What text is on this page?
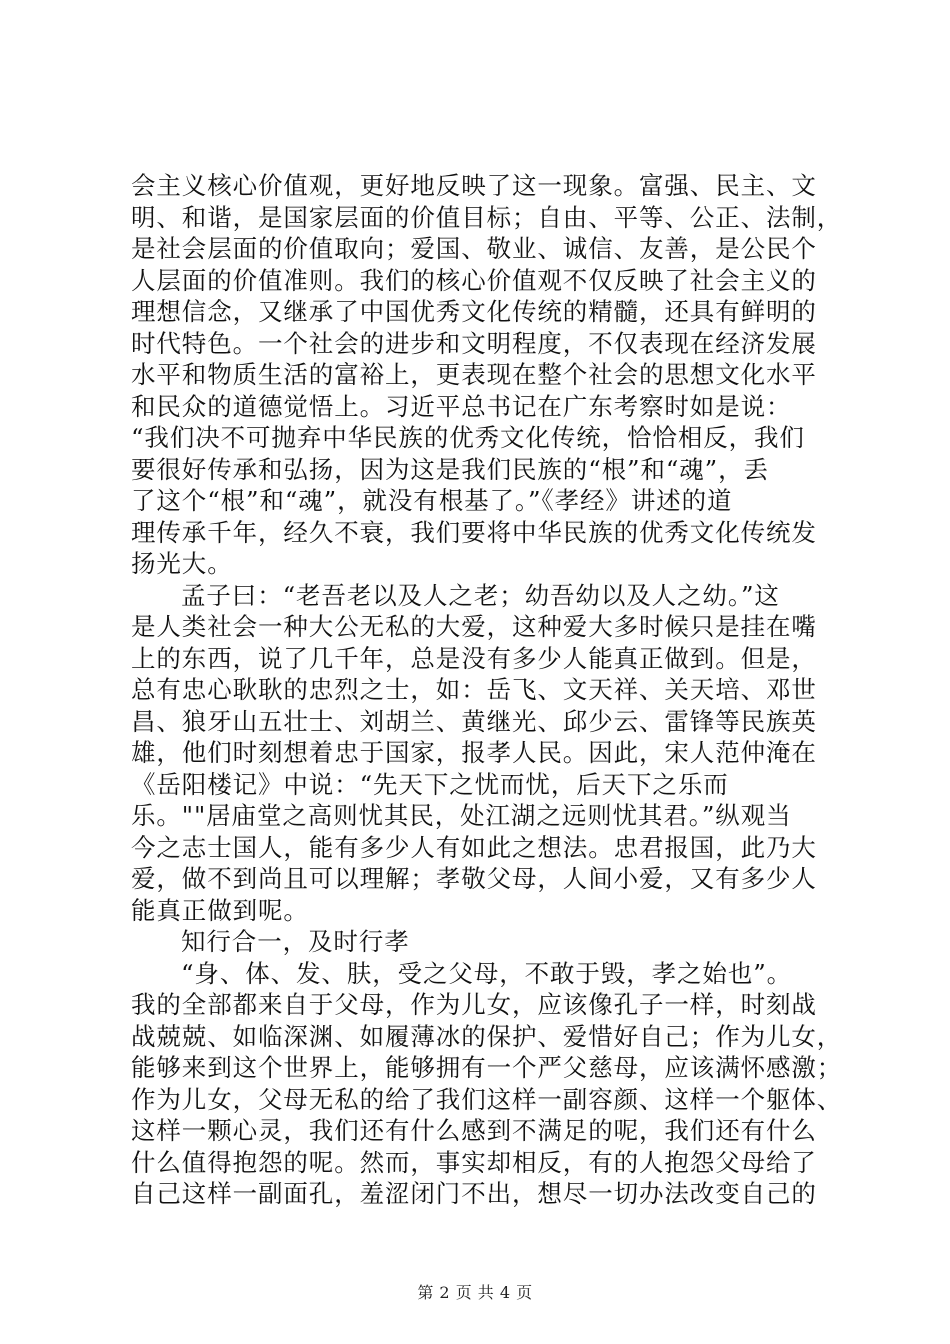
会主义核心价值观，更好地反映了这一现象。富强、民主、文
明、和谐，是国家层面的价值目标；自由、平等、公正、法制，
是社会层面的价值取向；爱国、敬业、诚信、友善，是公民个
人层面的价值准则。我们的核心价值观不仅反映了社会主义的
理想信念，又继承了中国优秀文化传统的精髓，还具有鲜明的
时代特色。一个社会的进步和文明程度，不仅表现在经济发展
水平和物质生活的富裕上，更表现在整个社会的思想文化水平
和民众的道德觉悟上。习近平总书记在广东考察时如是说：
“我们决不可抛弃中华民族的优秀文化传统，恰恰相反，我们
要很好传承和弘扬，因为这是我们民族的“根”和“魂”，丢
了这个“根”和“魂”，就没有根基了。”《孝经》讲述的道
理传承千年，经久不衰，我们要将中华民族的优秀文化传统发
扬光大。
孟子曰：“老吾老以及人之老；幼吾幼以及人之幼。”这
是人类社会一种大公无私的大爱，这种爱大多时候只是挂在嘴
上的东西，说了几千年，总是没有多少人能真正做到。但是，
总有忠心耿耿的忠烈之士，如：岳飞、文天祥、关天培、邓世
昌、狼牙山五壮士、刘胡兰、黄继光、邱少云、雷锋等民族英
雄，他们时刻想着忠于国家，报孝人民。因此，宋人范仲淹在
《岳阳楼记》中说：“先天下之忧而忧，后天下之乐而
乐。""居庙堂之高则忧其民，处江湖之远则忧其君。”纵观当
今之志士国人，能有多少人有如此之想法。忠君报国，此乃大
爱，做不到尚且可以理解；孝敬父母，人间小爱，又有多少人
能真正做到呢。
知行合一，及时行孝
“身、体、发、肤，受之父母，不敢于毁，孝之始也”。
我的全部都来自于父母，作为儿女，应该像孔子一样，时刻战
战兢兢、如临深渊、如履薄冰的保护、爱惜好自己；作为儿女，
能够来到这个世界上，能够拥有一个严父慈母，应该满怀感激；
作为儿女，父母无私的给了我们这样一副容颜、这样一个躯体、
这样一颗心灵，我们还有什么感到不满足的呢，我们还有什么
什么值得抱怨的呢。然而，事实却相反，有的人抱怨父母给了
自己这样一副面孔，羞涩闭门不出，想尽一切办法改变自己的
第 2 页 共 4 页
